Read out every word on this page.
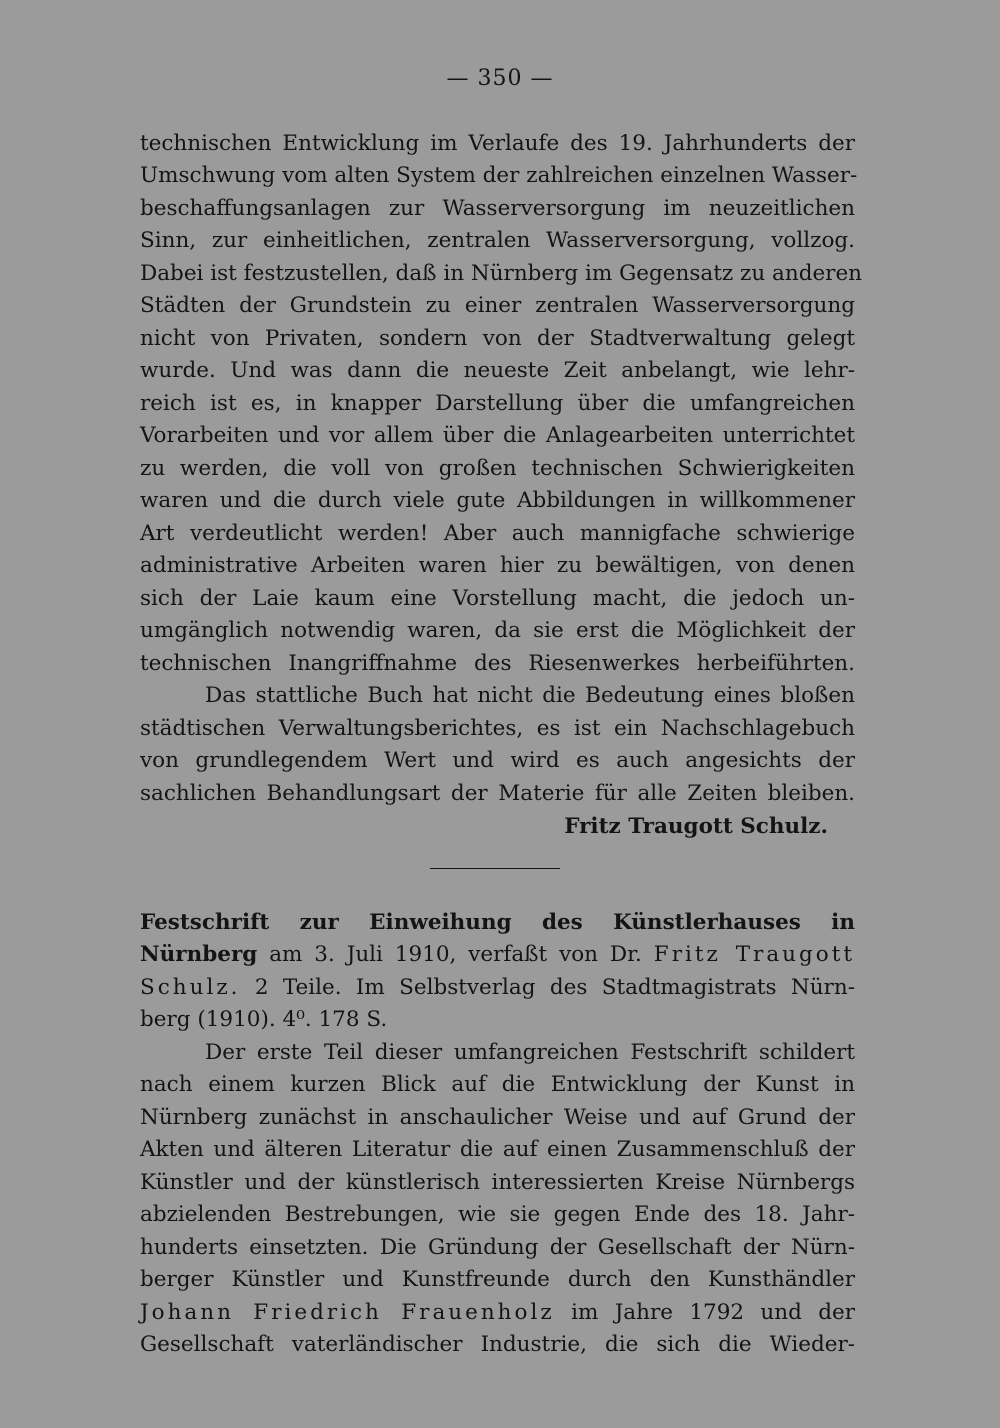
— 350 —
technischen Entwicklung im Verlaufe des 19. Jahrhunderts der
Umschwung vom alten System der zahlreichen einzelnen Wasser-
beschaffungsanlagen zur Wasserversorgung im neuzeitlichen
Sinn, zur einheitlichen, zentralen Wasserversorgung, vollzog.
Dabei ist festzustellen, daß in Nürnberg im Gegensatz zu anderen
Städten der Grundstein zu einer zentralen Wasserversorgung
nicht von Privaten, sondern von der Stadtverwaltung gelegt
wurde. Und was dann die neueste Zeit anbelangt, wie lehr-
reich ist es, in knapper Darstellung über die umfangreichen
Vorarbeiten und vor allem über die Anlagearbeiten unterrichtet
zu werden, die voll von großen technischen Schwierigkeiten
waren und die durch viele gute Abbildungen in willkommener
Art verdeutlicht werden! Aber auch mannigfache schwierige
administrative Arbeiten waren hier zu bewältigen, von denen
sich der Laie kaum eine Vorstellung macht, die jedoch un-
umgänglich notwendig waren, da sie erst die Möglichkeit der
technischen Inangriffnahme des Riesenwerkes herbeiführten.
Das stattliche Buch hat nicht die Bedeutung eines bloßen
städtischen Verwaltungsberichtes, es ist ein Nachschlagebuch
von grundlegendem Wert und wird es auch angesichts der
sachlichen Behandlungsart der Materie für alle Zeiten bleiben.
Fritz Traugott Schulz.
Festschrift zur Einweihung des Künstlerhauses in
Nürnberg am 3. Juli 1910, verfaßt von Dr. Fritz Traugott
Schulz. 2 Teile. Im Selbstverlag des Stadtmagistrats Nürn-
berg (1910). 4⁰. 178 S.
Der erste Teil dieser umfangreichen Festschrift schildert
nach einem kurzen Blick auf die Entwicklung der Kunst in
Nürnberg zunächst in anschaulicher Weise und auf Grund der
Akten und älteren Literatur die auf einen Zusammenschluß der
Künstler und der künstlerisch interessierten Kreise Nürnbergs
abzielenden Bestrebungen, wie sie gegen Ende des 18. Jahr-
hunderts einsetzten. Die Gründung der Gesellschaft der Nürn-
berger Künstler und Kunstfreunde durch den Kunsthändler
Johann Friedrich Frauenholz im Jahre 1792 und der
Gesellschaft vaterländischer Industrie, die sich die Wieder-
